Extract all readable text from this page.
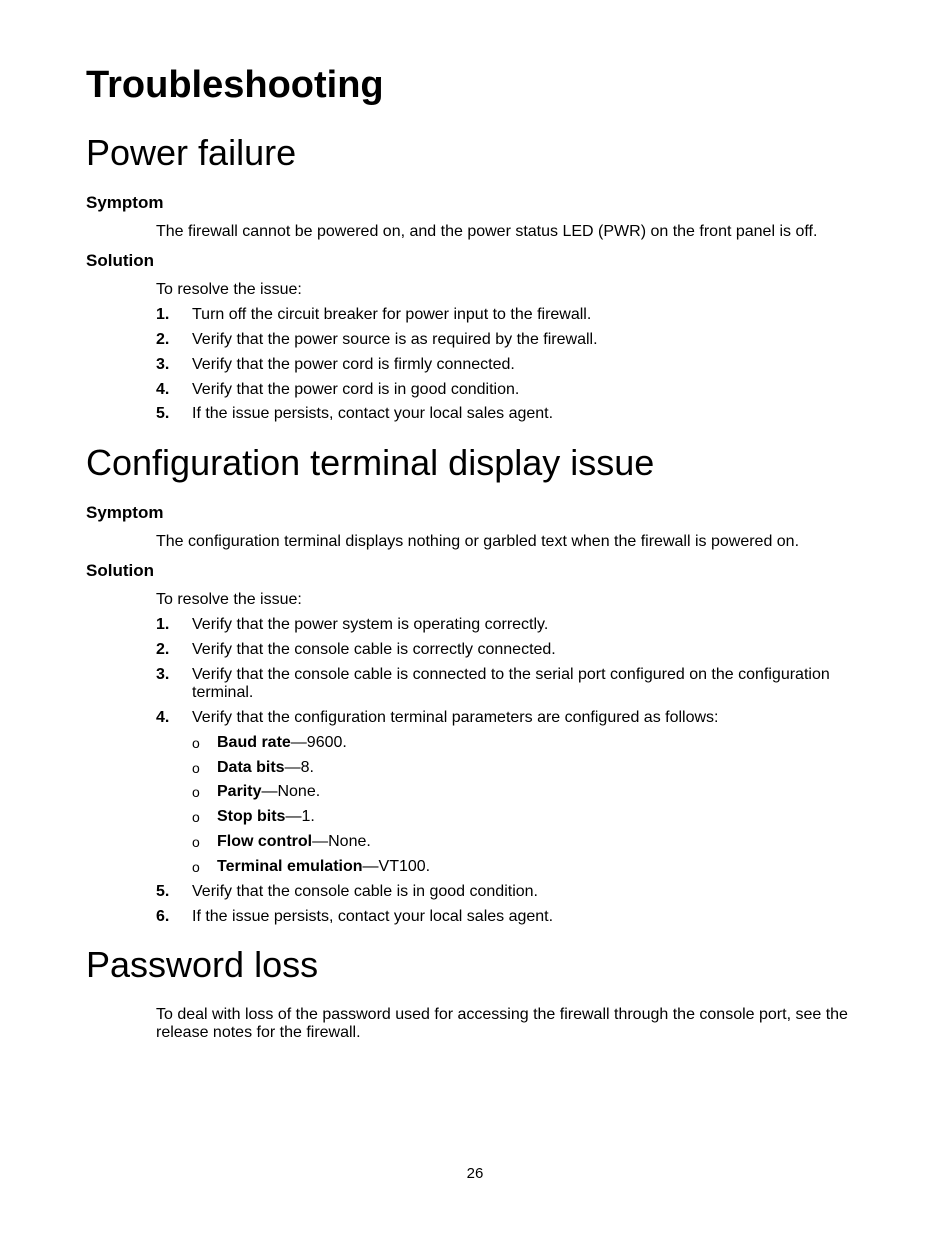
Troubleshooting
Power failure
Symptom
The firewall cannot be powered on, and the power status LED (PWR) on the front panel is off.
Solution
To resolve the issue:
1. Turn off the circuit breaker for power input to the firewall.
2. Verify that the power source is as required by the firewall.
3. Verify that the power cord is firmly connected.
4. Verify that the power cord is in good condition.
5. If the issue persists, contact your local sales agent.
Configuration terminal display issue
Symptom
The configuration terminal displays nothing or garbled text when the firewall is powered on.
Solution
To resolve the issue:
1. Verify that the power system is operating correctly.
2. Verify that the console cable is correctly connected.
3. Verify that the console cable is connected to the serial port configured on the configuration
terminal.
4. Verify that the configuration terminal parameters are configured as follows:
o Baud rate—9600.
o Data bits—8.
o Parity—None.
o Stop bits—1.
o Flow control—None.
o Terminal emulation—VT100.
5. Verify that the console cable is in good condition.
6. If the issue persists, contact your local sales agent.
Password loss
To deal with loss of the password used for accessing the firewall through the console port, see the
release notes for the firewall.
26
